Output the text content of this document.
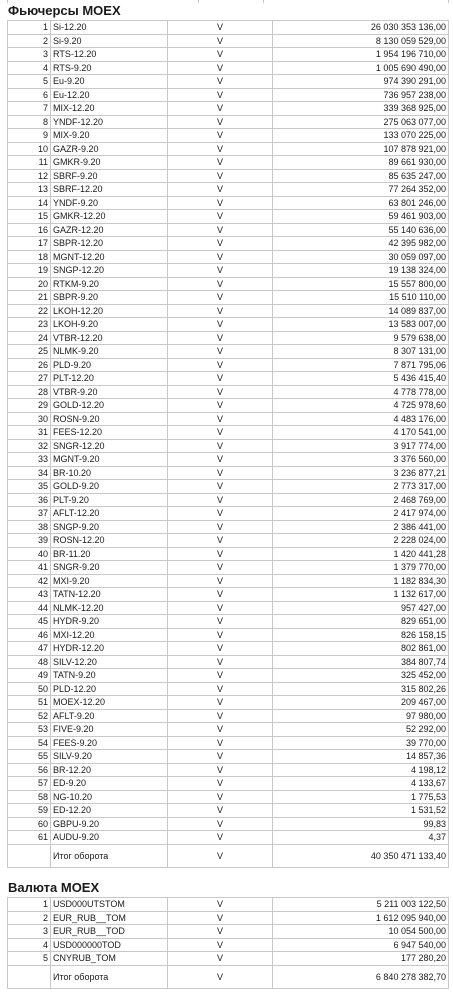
Фьючерсы MOEX
1	Si-12.20	V	26 030 353 136,00
2	Si-9.20	V	8 130 059 529,00
3	RTS-12.20	V	1 954 196 710,00
4	RTS-9.20	V	1 005 690 490,00
5	Eu-9.20	V	974 390 291,00
6	Eu-12.20	V	736 957 238,00
7	MIX-12.20	V	339 368 925,00
8	YNDF-12.20	V	275 063 077,00
9	MIX-9.20	V	133 070 225,00
10	GAZR-9.20	V	107 878 921,00
11	GMKR-9.20	V	89 661 930,00
12	SBRF-9.20	V	85 635 247,00
13	SBRF-12.20	V	77 264 352,00
14	YNDF-9.20	V	63 801 246,00
15	GMKR-12.20	V	59 461 903,00
16	GAZR-12.20	V	55 140 636,00
17	SBPR-12.20	V	42 395 982,00
18	MGNT-12.20	V	30 059 097,00
19	SNGP-12.20	V	19 138 324,00
20	RTKM-9.20	V	15 557 800,00
21	SBPR-9.20	V	15 510 110,00
22	LKOH-12.20	V	14 089 837,00
23	LKOH-9.20	V	13 583 007,00
24	VTBR-12.20	V	9 579 638,00
25	NLMK-9.20	V	8 307 131,00
26	PLD-9.20	V	7 871 795,06
27	PLT-12.20	V	5 436 415,40
28	VTBR-9.20	V	4 778 778,00
29	GOLD-12.20	V	4 725 978,60
30	ROSN-9.20	V	4 483 176,00
31	FEES-12.20	V	4 170 541,00
32	SNGR-12.20	V	3 917 774,00
33	MGNT-9.20	V	3 376 560,00
34	BR-10.20	V	3 236 877,21
35	GOLD-9.20	V	2 773 317,00
36	PLT-9.20	V	2 468 769,00
37	AFLT-12.20	V	2 417 974,00
38	SNGP-9.20	V	2 386 441,00
39	ROSN-12.20	V	2 228 024,00
40	BR-11.20	V	1 420 441,28
41	SNGR-9.20	V	1 379 770,00
42	MXI-9.20	V	1 182 834,30
43	TATN-12.20	V	1 132 617,00
44	NLMK-12.20	V	957 427,00
45	HYDR-9.20	V	829 651,00
46	MXI-12.20	V	826 158,15
47	HYDR-12.20	V	802 861,00
48	SILV-12.20	V	384 807,74
49	TATN-9.20	V	325 452,00
50	PLD-12.20	V	315 802,26
51	MOEX-12.20	V	209 467,00
52	AFLT-9.20	V	97 980,00
53	FIVE-9.20	V	52 292,00
54	FEES-9.20	V	39 770,00
55	SILV-9.20	V	14 857,36
56	BR-12.20	V	4 198,12
57	ED-9.20	V	4 133,67
58	NG-10.20	V	1 775,53
59	ED-12.20	V	1 531,52
60	GBPU-9.20	V	99,83
61	AUDU-9.20	V	4,37
	Итог оборота	V	40 350 471 133,40
Валюта MOEX
1	USD000UTSTOM	V	5 211 003 122,50
2	EUR_RUB__TOM	V	1 612 095 940,00
3	EUR_RUB__TOD	V	10 054 500,00
4	USD000000TOD	V	6 947 540,00
5	CNYRUB_TOM	V	177 280,20
	Итог оборота	V	6 840 278 382,70
